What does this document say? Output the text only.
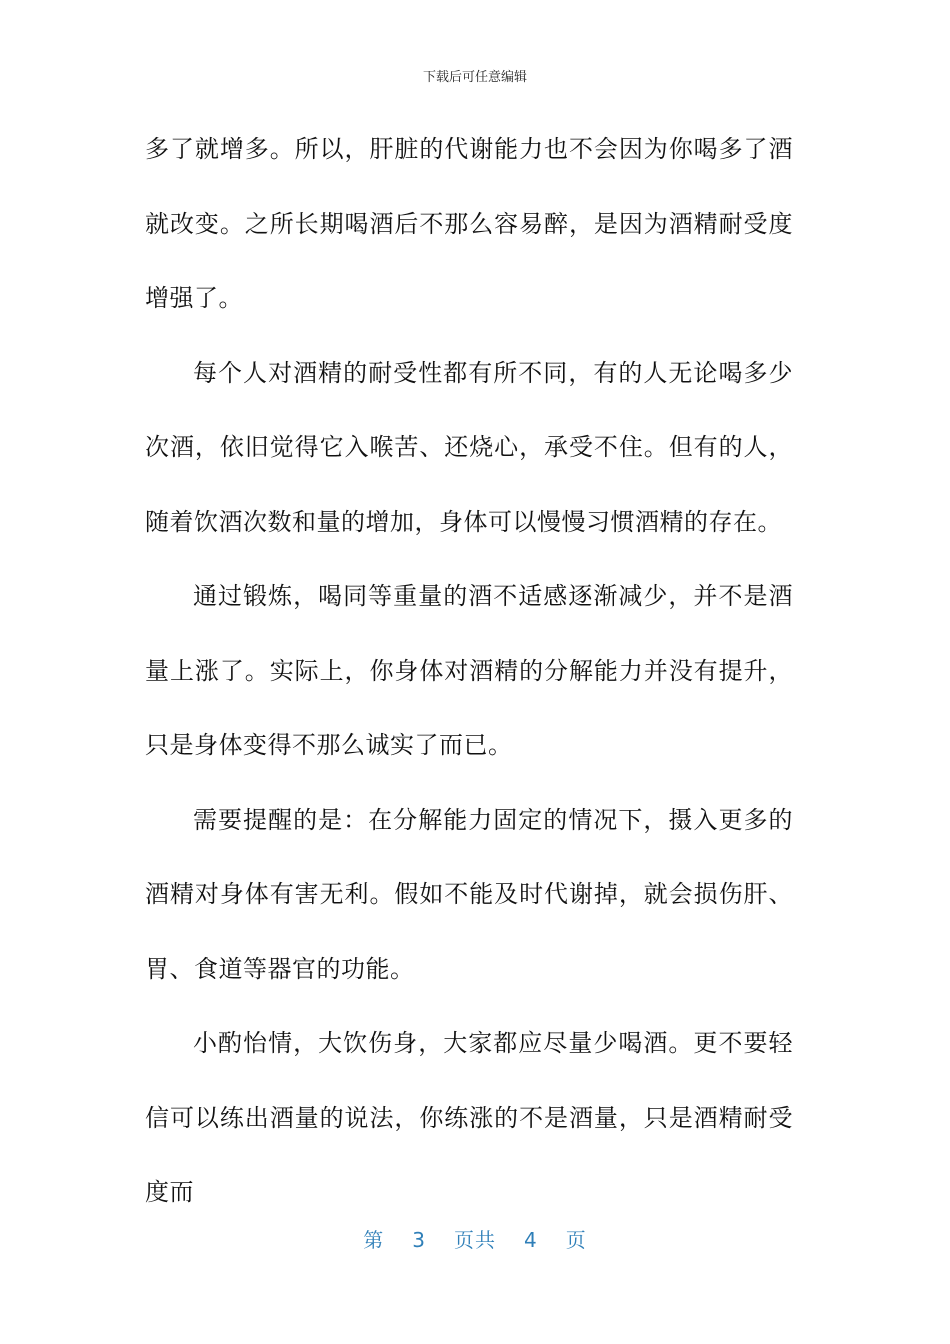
下载后可任意编辑

多了就增多。所以，肝脏的代谢能力也不会因为你喝多了酒就改变。之所长期喝酒后不那么容易醉，是因为酒精耐受度增强了。

每个人对酒精的耐受性都有所不同，有的人无论喝多少次酒，依旧觉得它入喉苦、还烧心，承受不住。但有的人，随着饮酒次数和量的增加，身体可以慢慢习惯酒精的存在。

通过锻炼，喝同等重量的酒不适感逐渐减少，并不是酒量上涨了。实际上，你身体对酒精的分解能力并没有提升，只是身体变得不那么诚实了而已。

需要提醒的是：在分解能力固定的情况下，摄入更多的酒精对身体有害无利。假如不能及时代谢掉，就会损伤肝、胃、食道等器官的功能。

小酌怡情，大饮伤身，大家都应尽量少喝酒。更不要轻信可以练出酒量的说法，你练涨的不是酒量，只是酒精耐受度而

第 3 页共 4 页
